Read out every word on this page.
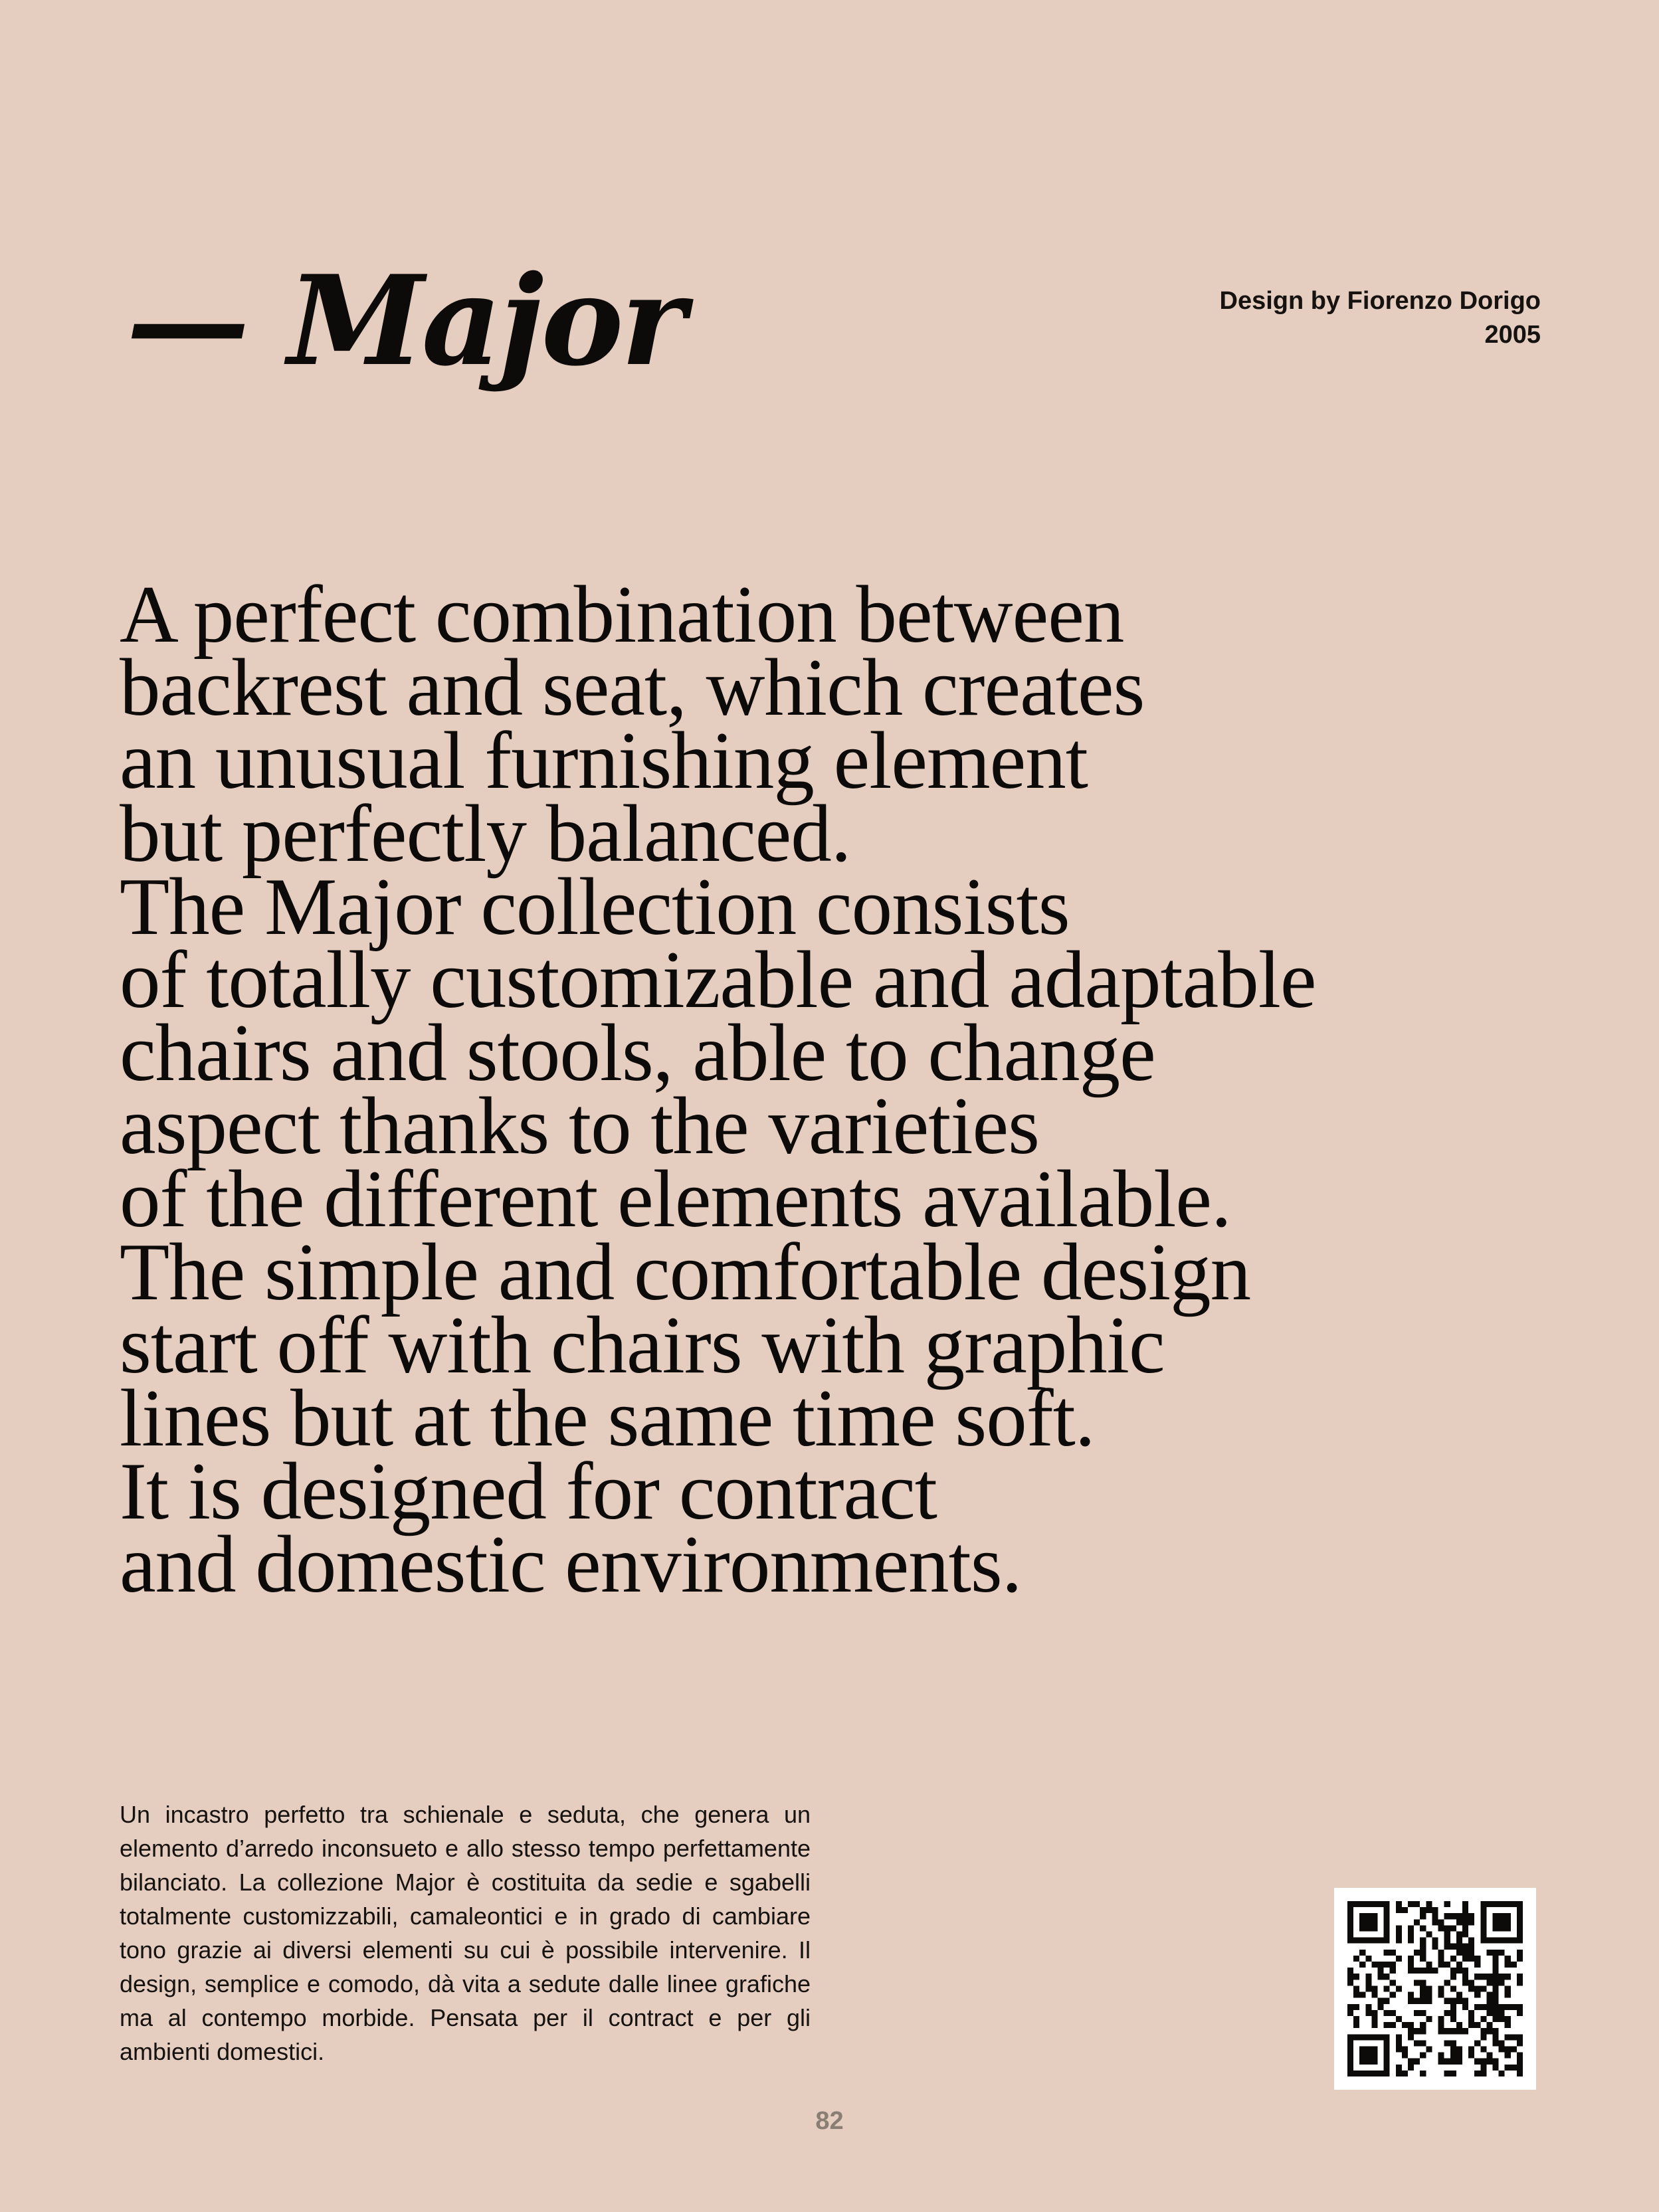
— Major	Design by Fiorenzo Dorigo
2005
A perfect combination between
backrest and seat, which creates
an unusual furnishing element
but perfectly balanced.
The Major collection consists
of totally customizable and adaptable
chairs and stools, able to change
aspect thanks to the varieties
of the different elements available.
The simple and comfortable design
start off with chairs with graphic
lines but at the same time soft.
It is designed for contract
and domestic environments.

Un incastro perfetto tra schienale e seduta, che genera un elemento d’arredo inconsueto e allo stesso tempo perfettamente bilanciato. La collezione Major è costituita da sedie e sgabelli totalmente customizzabili, camaleontici e in grado di cambiare tono grazie ai diversi elementi su cui è possibile intervenire. Il design, semplice e comodo, dà vita a sedute dalle linee grafiche ma al contempo morbide. Pensata per il contract e per gli ambienti domestici.

82
